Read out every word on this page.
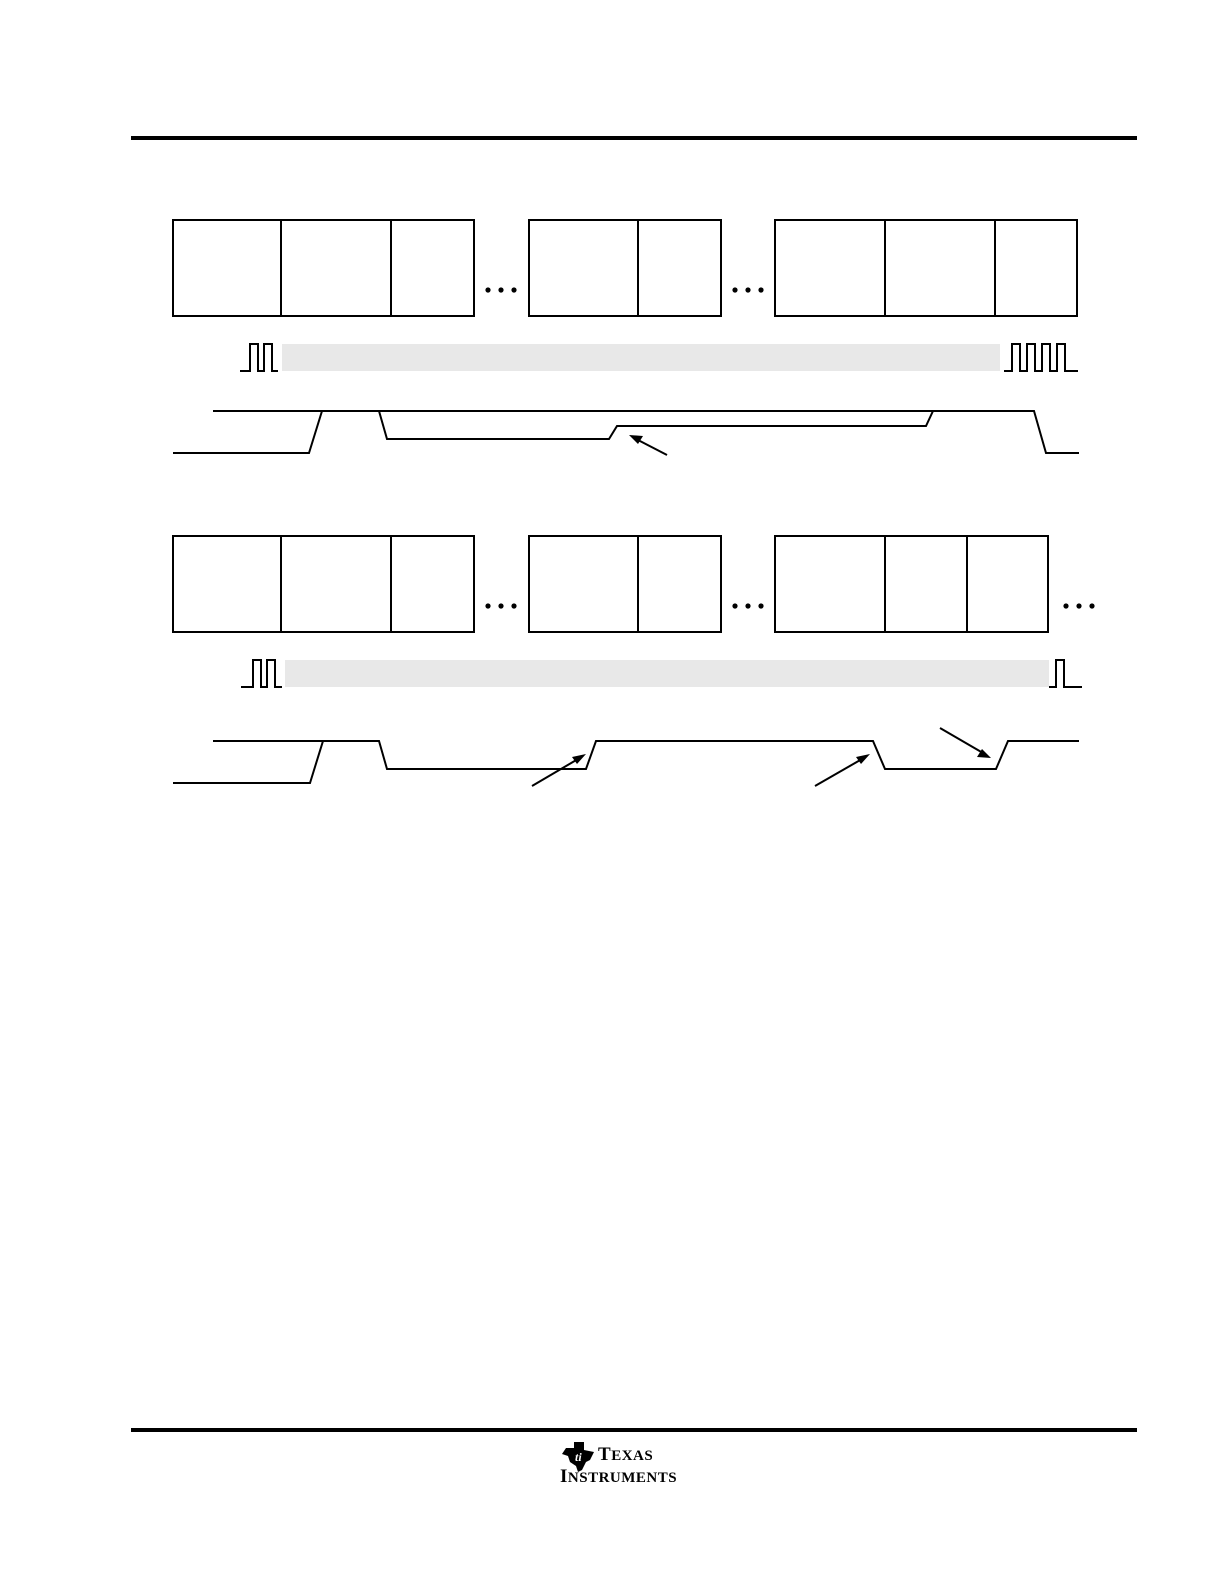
ti TEXAS
INSTRUMENTS
